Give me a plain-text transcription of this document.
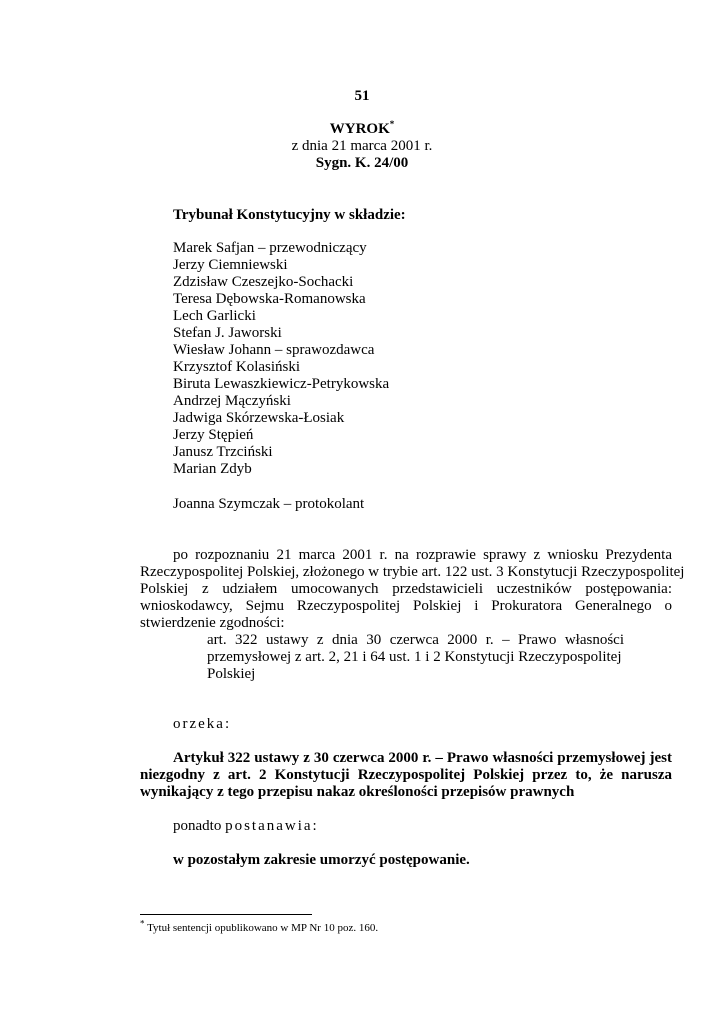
51
WYROK*
z dnia 21 marca 2001 r.
Sygn. K. 24/00
Trybunał Konstytucyjny w składzie:
Marek Safjan – przewodniczący
Jerzy Ciemniewski
Zdzisław Czeszejko-Sochacki
Teresa Dębowska-Romanowska
Lech Garlicki
Stefan J. Jaworski
Wiesław Johann – sprawozdawca
Krzysztof Kolasiński
Biruta Lewaszkiewicz-Petrykowska
Andrzej Mączyński
Jadwiga Skórzewska-Łosiak
Jerzy Stępień
Janusz Trzciński
Marian Zdyb
Joanna Szymczak – protokolant
po rozpoznaniu 21 marca 2001 r. na rozprawie sprawy z wniosku Prezydenta
Rzeczypospolitej Polskiej, złożonego w trybie art. 122 ust. 3 Konstytucji Rzeczypospolitej
Polskiej z udziałem umocowanych przedstawicieli uczestników postępowania:
wnioskodawcy, Sejmu Rzeczypospolitej Polskiej i Prokuratora Generalnego o
stwierdzenie zgodności:
art. 322 ustawy z dnia 30 czerwca 2000 r. – Prawo własności
przemysłowej z art. 2, 21 i 64 ust. 1 i 2 Konstytucji Rzeczypospolitej
Polskiej
orzeka:
Artykuł 322 ustawy z 30 czerwca 2000 r. – Prawo własności przemysłowej jest
niezgodny z art. 2 Konstytucji Rzeczypospolitej Polskiej przez to, że narusza
wynikający z tego przepisu nakaz określoności przepisów prawnych
ponadto postanawia:
w pozostałym zakresie umorzyć postępowanie.
* Tytuł sentencji opublikowano w MP Nr 10 poz. 160.
